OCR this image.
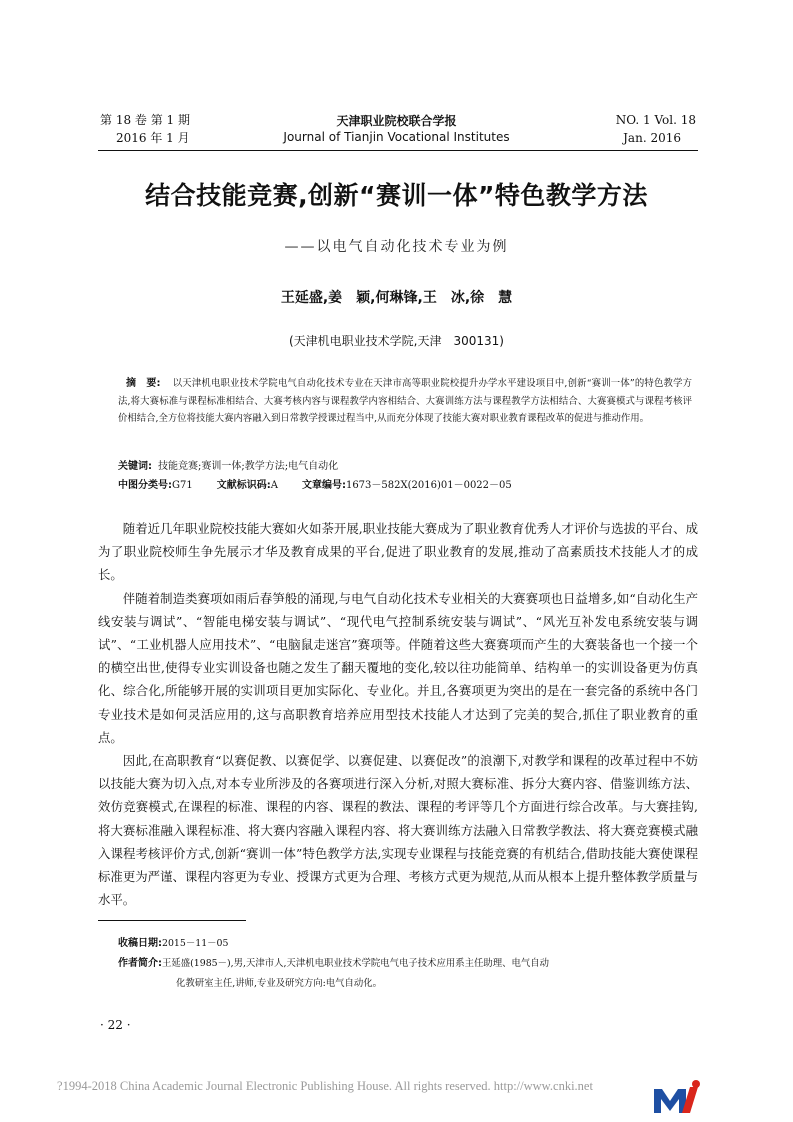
第 18 卷 第 1 期
2016 年 1 月
天津职业院校联合学报
Journal of Tianjin Vocational Institutes
NO. 1 Vol. 18
Jan. 2016
结合技能竞赛,创新“赛训一体”特色教学方法
——以电气自动化技术专业为例
王延盛,姜　颖,何琳锋,王　冰,徐　慧
(天津机电职业技术学院,天津　300131)
摘　要: 以天津机电职业技术学院电气自动化技术专业在天津市高等职业院校提升办学水平建设项目中,创新“赛训一体”的特色教学方法,将大赛标准与课程标准相结合、大赛考核内容与课程教学内容相结合、大赛训练方法与课程教学方法相结合、大赛赛模式与课程考核评价相结合,全方位将技能大赛内容融入到日常教学授课过程当中,从而充分体现了技能大赛对职业教育课程改革的促进与推动作用。
关键词: 技能竞赛;赛训一体;教学方法;电气自动化
中图分类号:G71 文献标识码:A 文章编号:1673－582X(2016)01－0022－05

随着近几年职业院校技能大赛如火如荼开展,职业技能大赛成为了职业教育优秀人才评价与选拔的平台、成为了职业院校师生争先展示才华及教育成果的平台,促进了职业教育的发展,推动了高素质技术技能人才的成长。

伴随着制造类赛项如雨后春笋般的涌现,与电气自动化技术专业相关的大赛赛项也日益增多,如“自动化生产线安装与调试”、“智能电梯安装与调试”、“现代电气控制系统安装与调试”、“风光互补发电系统安装与调试”、“工业机器人应用技术”、“电脑鼠走迷宫”赛项等。伴随着这些大赛赛项而产生的大赛装备也一个接一个的横空出世,使得专业实训设备也随之发生了翻天覆地的变化,较以往功能简单、结构单一的实训设备更为仿真化、综合化,所能够开展的实训项目更加实际化、专业化。并且,各赛项更为突出的是在一套完备的系统中各门专业技术是如何灵活应用的,这与高职教育培养应用型技术技能人才达到了完美的契合,抓住了职业教育的重点。

因此,在高职教育“以赛促教、以赛促学、以赛促建、以赛促改”的浪潮下,对教学和课程的改革过程中不妨以技能大赛为切入点,对本专业所涉及的各赛项进行深入分析,对照大赛标准、拆分大赛内容、借鉴训练方法、效仿竞赛模式,在课程的标准、课程的内容、课程的教法、课程的考评等几个方面进行综合改革。与大赛挂钩,将大赛标准融入课程标准、将大赛内容融入课程内容、将大赛训练方法融入日常教学教法、将大赛竞赛模式融入课程考核评价方式,创新“赛训一体”特色教学方法,实现专业课程与技能竞赛的有机结合,借助技能大赛使课程标准更为严谨、课程内容更为专业、授课方式更为合理、考核方式更为规范,从而从根本上提升整体教学质量与水平。

收稿日期:2015－11－05
作者简介:王延盛(1985－),男,天津市人,天津机电职业技术学院电气电子技术应用系主任助理、电气自动
化教研室主任,讲师,专业及研究方向:电气自动化。
· 22 ·
?1994-2018 China Academic Journal Electronic Publishing House. All rights reserved. http://www.cnki.net
